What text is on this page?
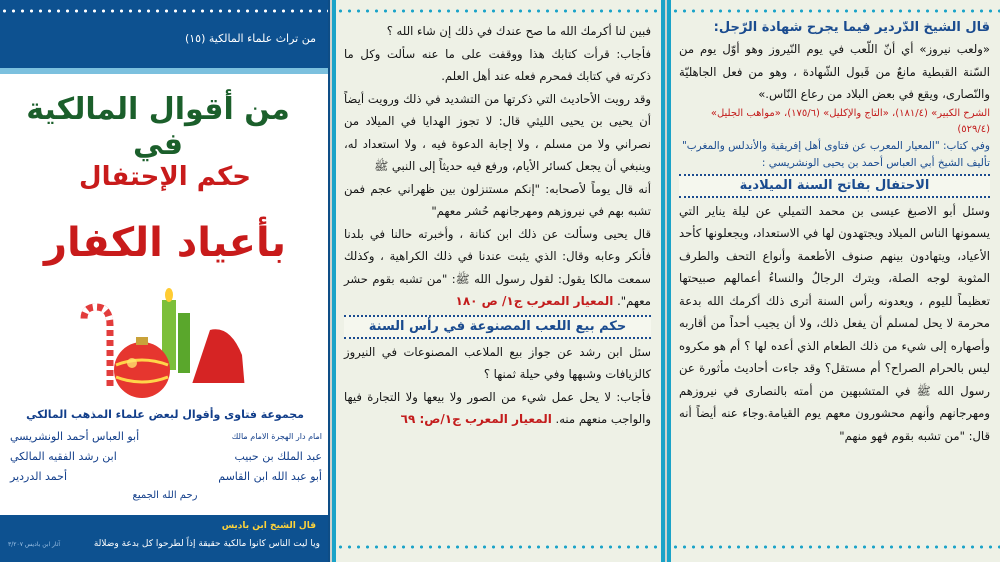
من تراث علماء المالكية (١٥)
من أقوال المالكية في
حكم الإحتفال
بأعياد الكفار
مجموعة فتاوى وأقوال لبعض علماء المذهب المالكي
امام دار الهجرة الامام مالك
أبو العباس أحمد الونشريسي
عبد الملك بن حبيب
ابن رشد الفقيه المالكي
أبو عبد الله ابن القاسم
أحمد الدردير
رحم الله الجميع
قال الشيخ ابن باديس
ويا ليت الناس كانوا مالكية حقيقة إذاً لطرحوا كل بدعة وضلالة
آثار ابن باديس ٣/٢٠٧

فبين لنا أكرمك الله ما صح عندك في ذلك إن شاء الله ؟

فأجاب: قرأت كتابك هذا ووقفت على ما عنه سألت وكل ما ذكرته في كتابك فمحرم فعله عند أهل العلم.

وقد رويت الأحاديث التي ذكرتها من التشديد في ذلك ورويت أيضاً أن يحيى بن يحيى الليثي قال: لا تجوز الهدايا في الميلاد من نصراني ولا من مسلم ، ولا إجابة الدعوة فيه ، ولا استعداد له، وينبغي أن يجعل كسائر الأيام، ورفع فيه حديثاً إلى النبي ﷺ

أنه قال يوماً لأصحابه: "إنكم مستنزلون بين ظهراني عجم فمن تشبه بهم في نيروزهم ومهرجانهم حُشر معهم"

قال يحيى وسألت عن ذلك ابن كنانة ، وأخبرته حالنا في بلدنا فأنكر وعابه وقال: الذي يثبت عندنا في ذلك الكراهية ، وكذلك سمعت مالكا يقول: لقول رسول الله ﷺ: "من تشبه بقوم حشر معهم". المعيار المعرب ج١/ ص ١٨٠

حكم بيع اللعب المصنوعة في رأس السنة

سئل ابن رشد عن جواز بيع الملاعب المصنوعات في النيروز كالزيافات وشبهها وفي حيلة ثمنها ؟

فأجاب: لا يحل عمل شيء من الصور ولا بيعها ولا التجارة فيها والواجب منعهم منه. المعيار المعرب ج١/ص: ٦٩

قال الشيخ الدّردير فيما يجرح شهادة الرّجل:

«ولعب نيروز» أي أنّ اللّعب في يوم النّيروز وهو أوّل يوم من السّنة القبطية مانعٌ من قَبول الشّهادة ، وهو من فعل الجاهليّة والنّصارى، ويقع في بعض البلاد من رعاع النّاس.»

الشرح الكبير» (١٨١/٤)، «التاج والإكليل» (١٧٥/٦)، «مواهب الجليل» (٥٢٩/٤)
وفي كتاب: "المعيار المعرب عن فتاوى أهل إفريقية والأندلس والمغرب" تأليف الشيخ أبي العباس أحمد بن يحيى الونشريسي :
الاحتفال بفاتح السنة الميلادية

وسئل أبو الاصبغ عيسى بن محمد التميلي عن ليلة يناير التي يسمونها الناس الميلاد ويجتهدون لها في الاستعداد، ويجعلونها كأحد الأعياد، ويتهادون بينهم صنوف الأطعمة وأنواع التحف والطرف المثوبة لوجه الصلة، ويترك الرجالُ والنساءُ أعمالهم صبيحتها تعظيماً لليوم ، ويعدونه رأس السنة أترى ذلك أكرمك الله بدعة محرمة لا يحل لمسلم أن يفعل ذلك، ولا أن يجيب أحداً من أقاربه وأصهاره إلى شيء من ذلك الطعام الذي أعده لها ؟ أم هو مكروه ليس بالحرام الصراح؟ أم مستقل؟ وقد جاءت أحاديث مأثورة عن رسول الله ﷺ في المتشبهين من أمته بالنصارى في نيروزهم ومهرجانهم وأنهم محشورون معهم يوم القيامة.وجاء عنه أيضاً أنه قال: "من تشبه بقوم فهو منهم"
